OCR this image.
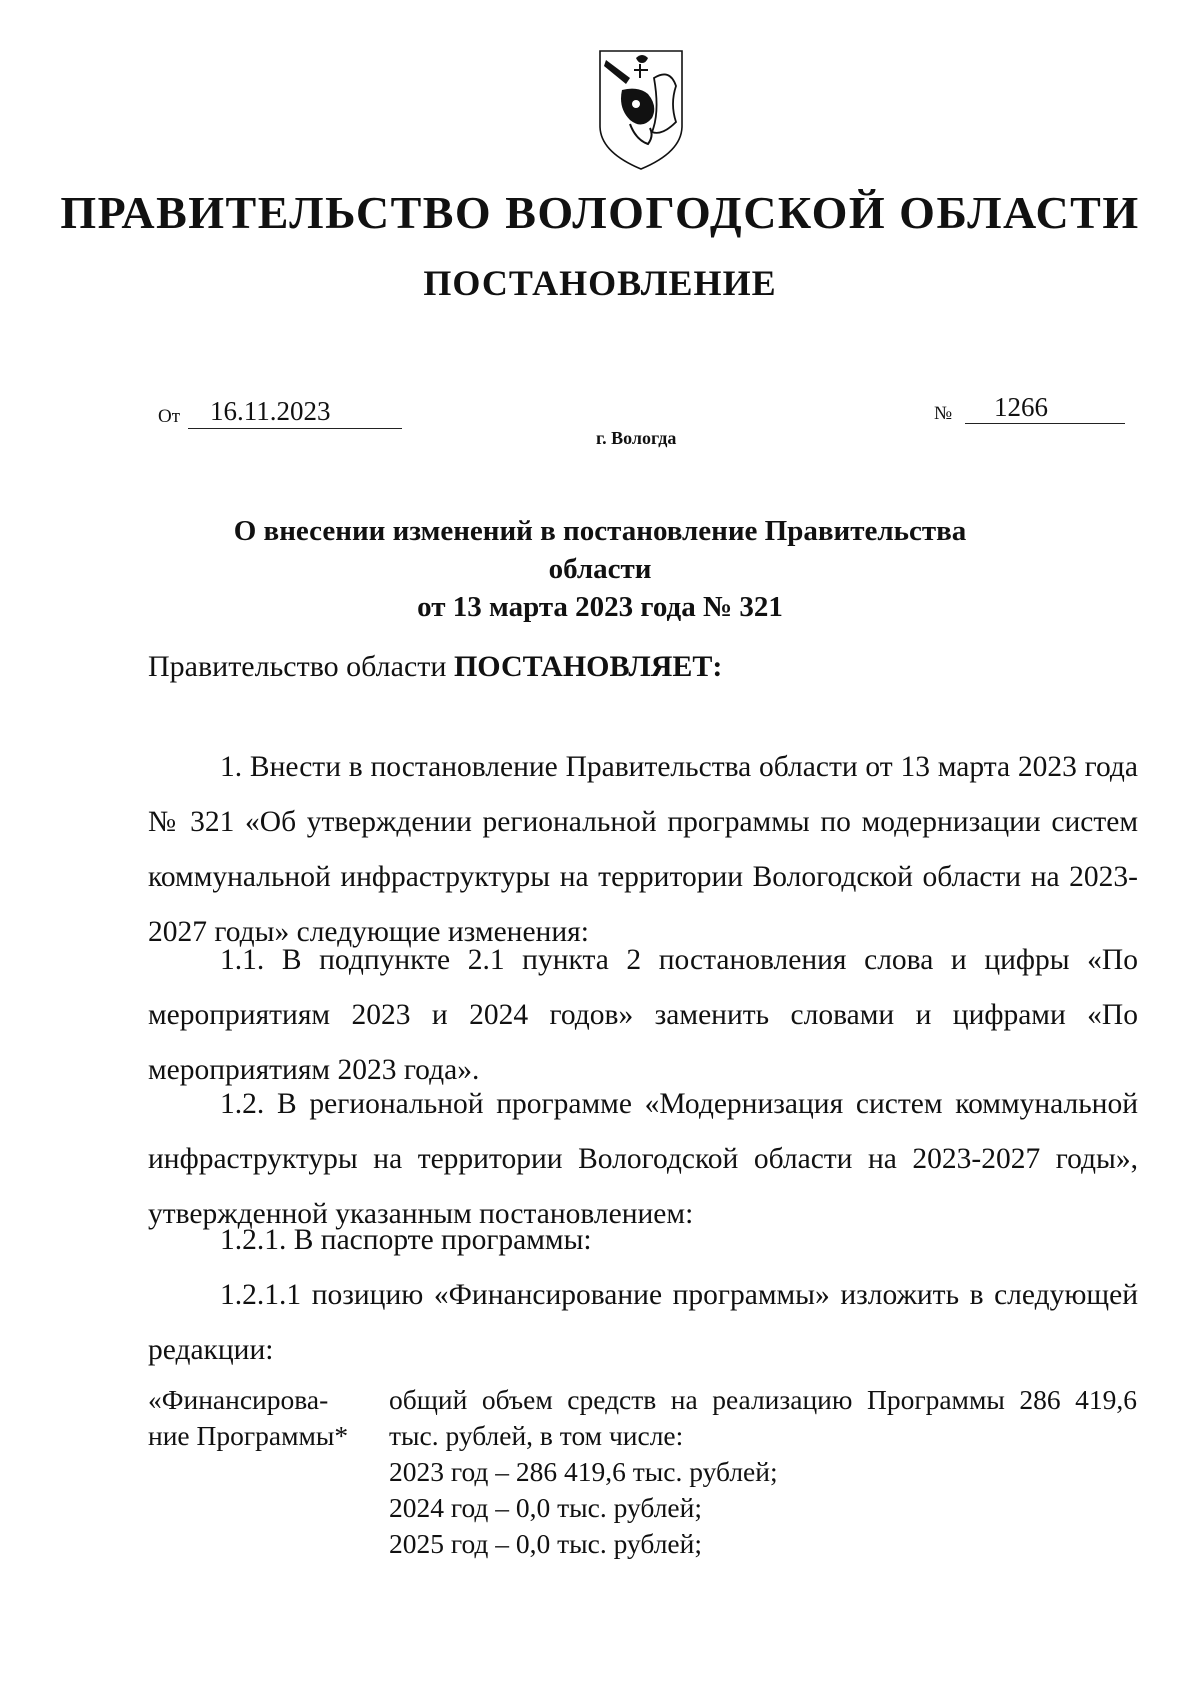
ПРАВИТЕЛЬСТВО ВОЛОГОДСКОЙ ОБЛАСТИ
ПОСТАНОВЛЕНИЕ
От 16.11.2023	№ 1266
г. Вологда
О внесении изменений в постановление Правительства области
от 13 марта 2023 года № 321
Правительство области ПОСТАНОВЛЯЕТ:
1. Внести в постановление Правительства области от 13 марта 2023 года № 321 «Об утверждении региональной программы по модернизации систем коммунальной инфраструктуры на территории Вологодской области на 2023-2027 годы» следующие изменения:
1.1. В подпункте 2.1 пункта 2 постановления слова и цифры «По мероприятиям 2023 и 2024 годов» заменить словами и цифрами «По мероприятиям 2023 года».
1.2. В региональной программе «Модернизация систем коммунальной инфраструктуры на территории Вологодской области на 2023-2027 годы», утвержденной указанным постановлением:
1.2.1. В паспорте программы:
1.2.1.1 позицию «Финансирование программы» изложить в следующей редакции:
«Финансирова-
ние Программы*
общий объем средств на реализацию Программы 286 419,6
тыс. рублей, в том числе:
2023 год – 286 419,6 тыс. рублей;
2024 год – 0,0 тыс. рублей;
2025 год – 0,0 тыс. рублей;
